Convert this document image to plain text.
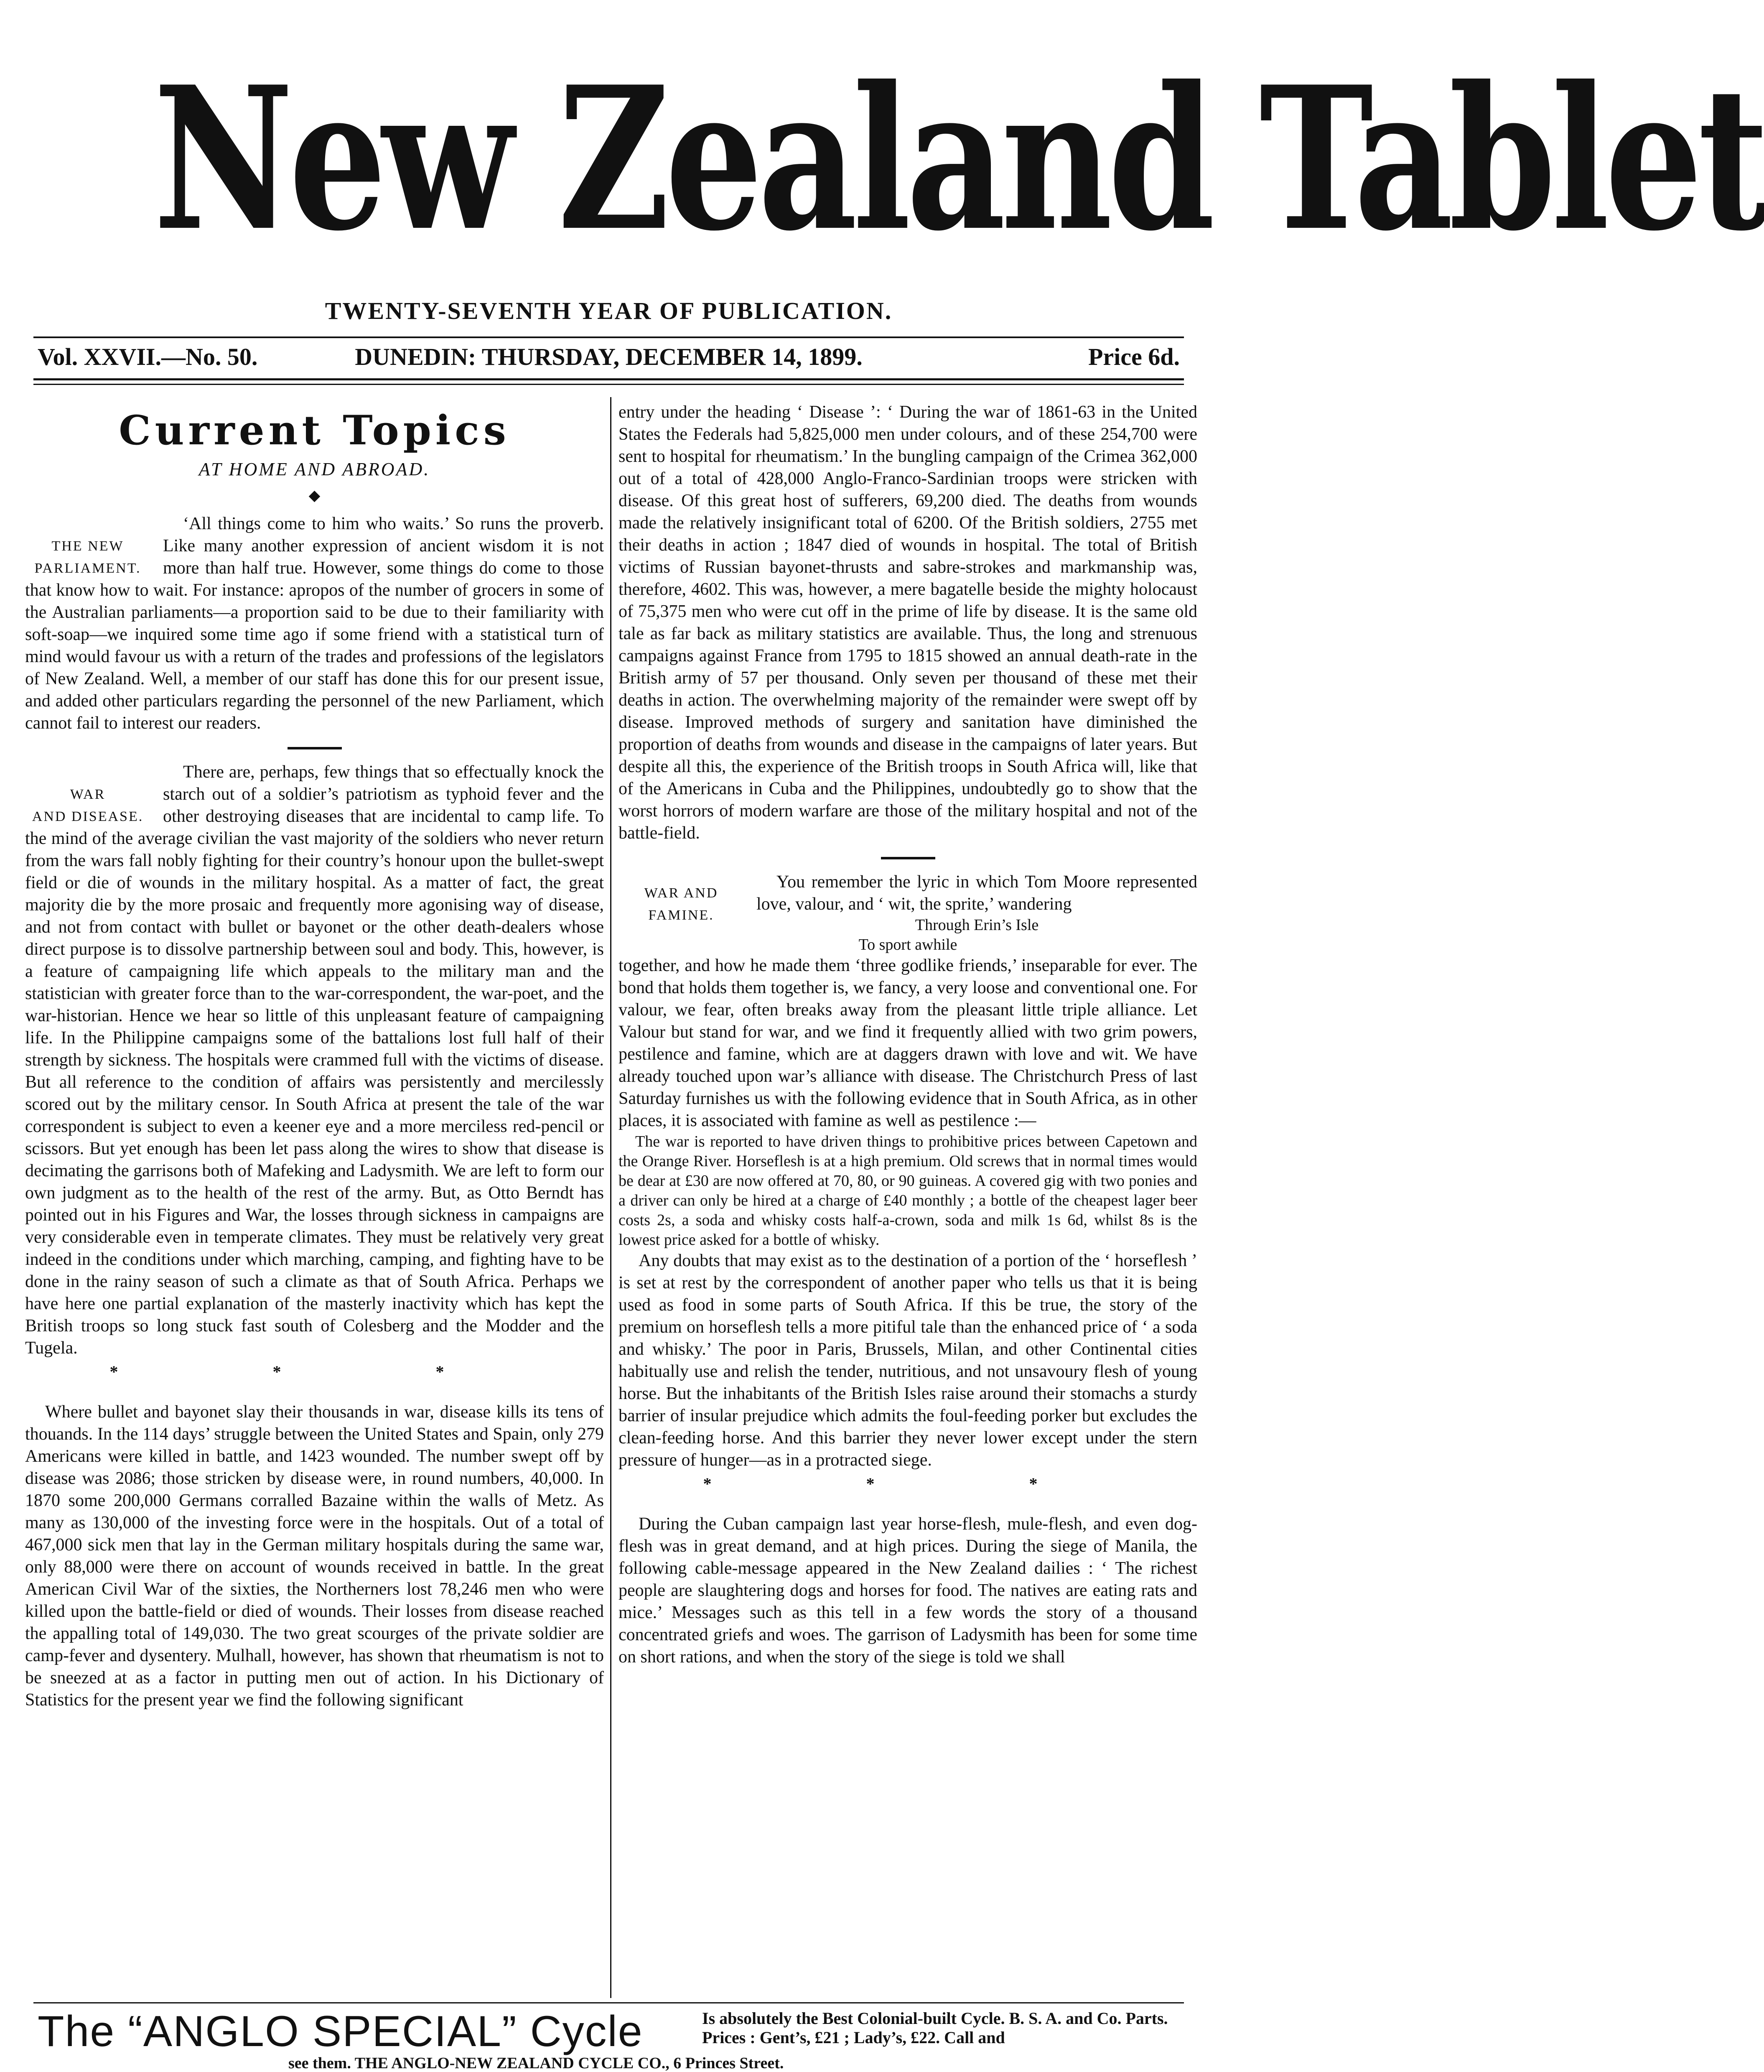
New Zealand Tablet
TWENTY-SEVENTH YEAR OF PUBLICATION.
Vol. XXVII.—No. 50.	DUNEDIN: THURSDAY, DECEMBER 14, 1899.	Price 6d.
Current Topics
AT HOME AND ABROAD.
◆
THE NEW
PARLIAMENT.

‘All things come to him who waits.’ So runs the proverb. Like many another expression of ancient wisdom it is not more than half true. However, some things do come to those that know how to wait. For instance: apropos of the number of grocers in some of the Australian parliaments—a proportion said to be due to their familiarity with soft-soap—we inquired some time ago if some friend with a statistical turn of mind would favour us with a return of the trades and professions of the legislators of New Zealand. Well, a member of our staff has done this for our present issue, and added other particulars regarding the personnel of the new Parliament, which cannot fail to interest our readers.

WAR
AND DISEASE.

There are, perhaps, few things that so effectually knock the starch out of a soldier’s patriotism as typhoid fever and the other destroying diseases that are incidental to camp life. To the mind of the average civilian the vast majority of the soldiers who never return from the wars fall nobly fighting for their country’s honour upon the bullet-swept field or die of wounds in the military hospital. As a matter of fact, the great majority die by the more prosaic and frequently more agonising way of disease, and not from contact with bullet or bayonet or the other death-dealers whose direct purpose is to dissolve partnership between soul and body. This, however, is a feature of campaigning life which appeals to the military man and the statistician with greater force than to the war-correspondent, the war-poet, and the war-historian. Hence we hear so little of this unpleasant feature of campaigning life. In the Philippine campaigns some of the battalions lost full half of their strength by sickness. The hospitals were crammed full with the victims of disease. But all reference to the condition of affairs was persistently and mercilessly scored out by the military censor. In South Africa at present the tale of the war correspondent is subject to even a keener eye and a more merciless red-pencil or scissors. But yet enough has been let pass along the wires to show that disease is decimating the garrisons both of Mafeking and Ladysmith. We are left to form our own judgment as to the health of the rest of the army. But, as Otto Berndt has pointed out in his Figures and War, the losses through sickness in campaigns are very considerable even in temperate climates. They must be relatively very great indeed in the conditions under which marching, camping, and fighting have to be done in the rainy season of such a climate as that of South Africa. Perhaps we have here one partial explanation of the masterly inactivity which has kept the British troops so long stuck fast south of Colesberg and the Modder and the Tugela.

* * *

Where bullet and bayonet slay their thousands in war, disease kills its tens of thouands. In the 114 days’ struggle between the United States and Spain, only 279 Americans were killed in battle, and 1423 wounded. The number swept off by disease was 2086; those stricken by disease were, in round numbers, 40,000. In 1870 some 200,000 Germans corralled Bazaine within the walls of Metz. As many as 130,000 of the investing force were in the hospitals. Out of a total of 467,000 sick men that lay in the German military hospitals during the same war, only 88,000 were there on account of wounds received in battle. In the great American Civil War of the sixties, the Northerners lost 78,246 men who were killed upon the battle-field or died of wounds. Their losses from disease reached the appalling total of 149,030. The two great scourges of the private soldier are camp-fever and dysentery. Mulhall, however, has shown that rheumatism is not to be sneezed at as a factor in putting men out of action. In his Dictionary of Statistics for the present year we find the following significant

entry under the heading ‘ Disease ’: ‘ During the war of 1861-63 in the United States the Federals had 5,825,000 men under colours, and of these 254,700 were sent to hospital for rheumatism.’ In the bungling campaign of the Crimea 362,000 out of a total of 428,000 Anglo-Franco-Sardinian troops were stricken with disease. Of this great host of sufferers, 69,200 died. The deaths from wounds made the relatively insignificant total of 6200. Of the British soldiers, 2755 met their deaths in action ; 1847 died of wounds in hospital. The total of British victims of Russian bayonet-thrusts and sabre-strokes and markmanship was, therefore, 4602. This was, however, a mere bagatelle beside the mighty holocaust of 75,375 men who were cut off in the prime of life by disease. It is the same old tale as far back as military statistics are available. Thus, the long and strenuous campaigns against France from 1795 to 1815 showed an annual death-rate in the British army of 57 per thousand. Only seven per thousand of these met their deaths in action. The overwhelming majority of the remainder were swept off by disease. Improved methods of surgery and sanitation have diminished the proportion of deaths from wounds and disease in the campaigns of later years. But despite all this, the experience of the British troops in South Africa will, like that of the Americans in Cuba and the Philippines, undoubtedly go to show that the worst horrors of modern warfare are those of the military hospital and not of the battle-field.

WAR AND
FAMINE.

You remember the lyric in which Tom Moore represented love, valour, and ‘ wit, the sprite,’ wandering

Through Erin’s Isle

To sport awhile

together, and how he made them ‘three godlike friends,’ inseparable for ever. The bond that holds them together is, we fancy, a very loose and conventional one. For valour, we fear, often breaks away from the pleasant little triple alliance. Let Valour but stand for war, and we find it frequently allied with two grim powers, pestilence and famine, which are at daggers drawn with love and wit. We have already touched upon war’s alliance with disease. The Christchurch Press of last Saturday furnishes us with the following evidence that in South Africa, as in other places, it is associated with famine as well as pestilence :—

The war is reported to have driven things to prohibitive prices between Capetown and the Orange River. Horseflesh is at a high premium. Old screws that in normal times would be dear at £30 are now offered at 70, 80, or 90 guineas. A covered gig with two ponies and a driver can only be hired at a charge of £40 monthly ; a bottle of the cheapest lager beer costs 2s, a soda and whisky costs half-a-crown, soda and milk 1s 6d, whilst 8s is the lowest price asked for a bottle of whisky.

Any doubts that may exist as to the destination of a portion of the ‘ horseflesh ’ is set at rest by the correspondent of another paper who tells us that it is being used as food in some parts of South Africa. If this be true, the story of the premium on horseflesh tells a more pitiful tale than the enhanced price of ‘ a soda and whisky.’ The poor in Paris, Brussels, Milan, and other Continental cities habitually use and relish the tender, nutritious, and not unsavoury flesh of young horse. But the inhabitants of the British Isles raise around their stomachs a sturdy barrier of insular prejudice which admits the foul-feeding porker but excludes the clean-feeding horse. And this barrier they never lower except under the stern pressure of hunger—as in a protracted siege.

* * *

During the Cuban campaign last year horse-flesh, mule-flesh, and even dog-flesh was in great demand, and at high prices. During the siege of Manila, the following cable-message appeared in the New Zealand dailies : ‘ The richest people are slaughtering dogs and horses for food. The natives are eating rats and mice.’ Messages such as this tell in a few words the story of a thousand concentrated griefs and woes. The garrison of Ladysmith has been for some time on short rations, and when the story of the siege is told we shall

The “ANGLO SPECIAL” Cycle	Is absolutely the Best Colonial-built Cycle. B. S. A. and Co. Parts. Prices : Gent’s, £21 ; Lady’s, £22. Call and
see them. THE ANGLO-NEW ZEALAND CYCLE CO., 6 Princes Street.
